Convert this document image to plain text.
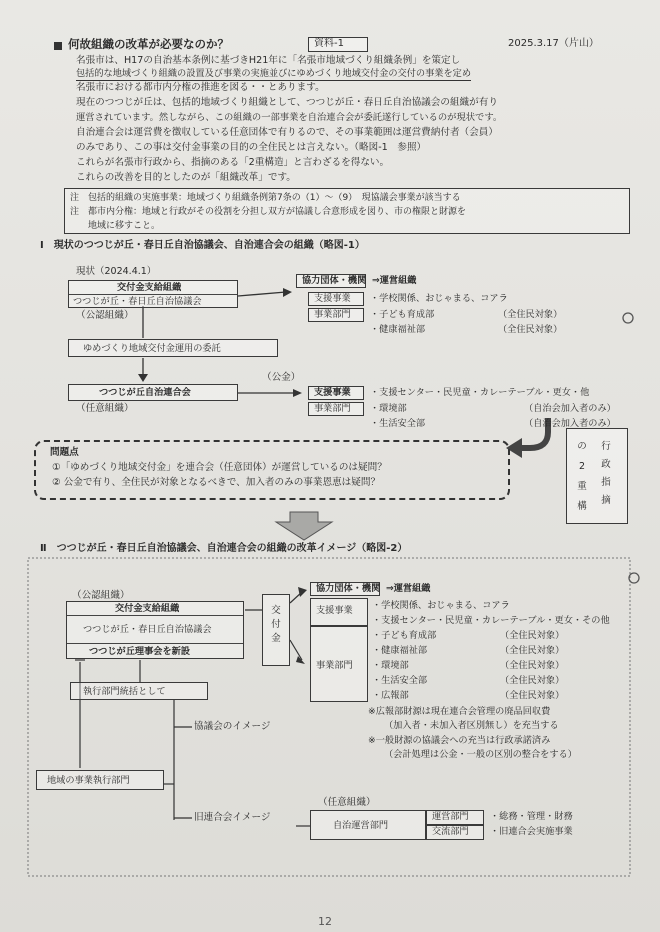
何故組織の改革が必要なのか？	資料-1	2025.3.17（片山）
名張市は、H17の自治基本条例に基づきH21年に「名張市地域づくり組織条例」を策定し
包括的な地域づくり組織の設置及び事業の実施並びにゆめづくり地域交付金の交付の事業を定め
名張市における都市内分権の推進を図る・・とあります。
現在のつつじが丘は、包括的地域づくり組織として、つつじが丘・春日丘自治協議会の組織が有り
運営されています。然しながら、この組織の一部事業を自治連合会が委託遂行しているのが現状です。
自治連合会は運営費を徴収している任意団体で有りるので、その事業範囲は運営費納付者（会員）
のみであり、この事は交付金事業の目的の全住民とは言えない。（略図-1　参照）
これらが名張市行政から、指摘のある「2重構造」と言わざるを得ない。
これらの改善を目的としたのが「組織改革」です。
注　包括的組織の実施事業：地域づくり組織条例第7条の（1）～（9）　現協議会事業が該当する
注　都市内分権：地域と行政がその役割を分担し双方が協議し合意形成を図り、市の権限と財源を
　　地域に移すこと。
Ⅰ　現状のつつじが丘・春日丘自治協議会、自治連合会の組織（略図-1）
現状（2024.4.1）
交付金支給組織
つつじが丘・春日丘自治協議会
（公認組織）
協力団体・機関 ⇒運営組織
支援事業
事業部門
・学校関係、おじゃまる、コアラ
・子ども育成部
・健康福祉部
（全住民対象）
（全住民対象）
ゆめづくり地域交付金運用の委託
（公金）
つつじが丘自治連合会
（任意組織）
支援事業
事業部門
・支援センター・民児童・カレーテーブル・更女・他
・環境部
・生活安全部
（自治会加入者のみ）
（自治会加入者のみ）
問題点
①「ゆめづくり地域交付金」を連合会（任意団体）が運営しているのは疑問？
② 公金で有り、全住民が対象となるべきで、加入者のみの事業恩恵は疑問？
の
2
重
構
行
政
指
摘
Ⅱ　つつじが丘・春日丘自治協議会、自治連合会の組織の改革イメージ（略図-2）
（公認組織）
交付金支給組織
つつじが丘・春日丘自治協議会
つつじが丘理事会を新設
交付金
協力団体・機関 ⇒運営組織
支援事業
事業部門
・学校関係、おじゃまる、コアラ
・支援センター・民児童・カレーテーブル・更女・その他
・子ども育成部
・健康福祉部
・環境部
・生活安全部
・広報部
（全住民対象）
（全住民対象）
（全住民対象）
（全住民対象）
（全住民対象）
※広報部財源は現在連合会管理の廃品回収費
（加入者・未加入者区別無し）を充当する
※一般財源の協議会への充当は行政承諾済み
（会計処理は公金・一般の区別の整合をする）
執行部門統括として
協議会のイメージ
地域の事業執行部門
旧連合会イメージ
（任意組織）
自治運営部門
運営部門
交流部門
・総務・管理・財務
・旧連合会実施事業
12
